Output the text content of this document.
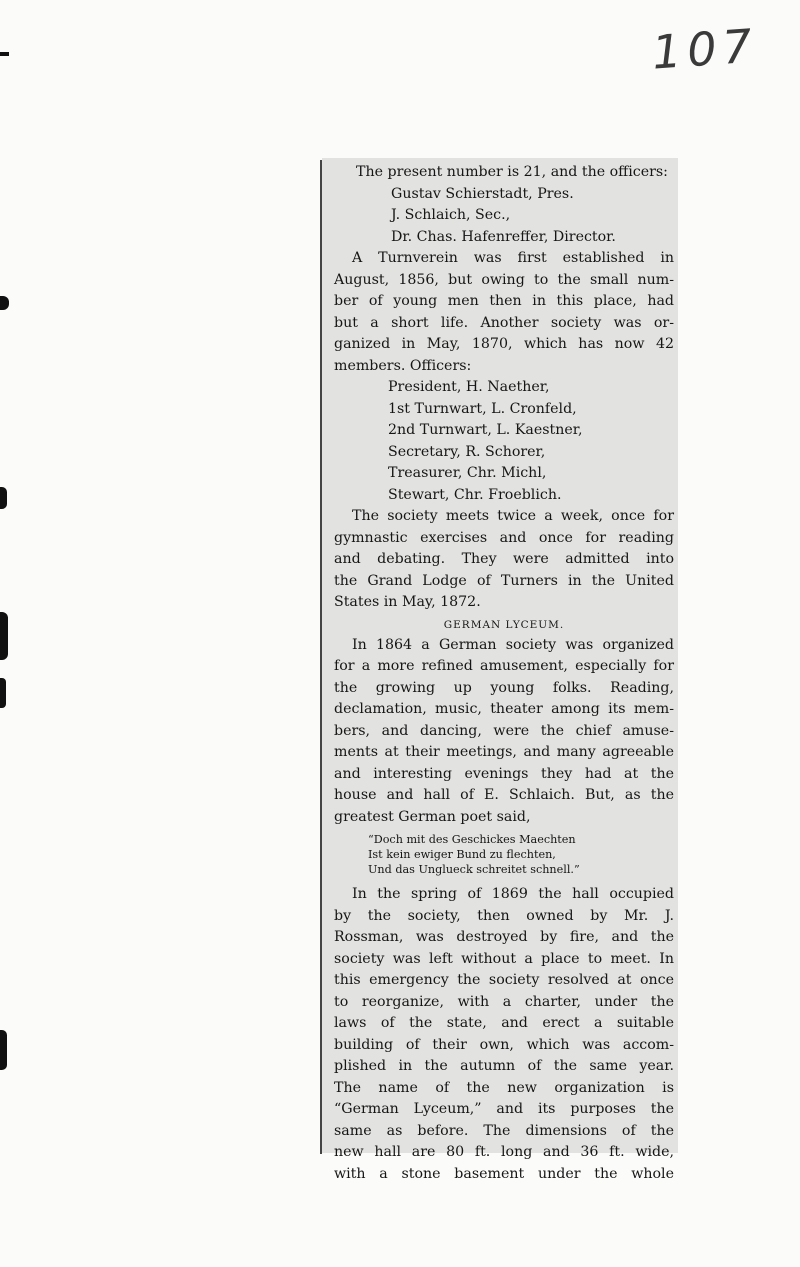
107
The present number is 21, and the officers:
Gustav Schierstadt, Pres.
J. Schlaich, Sec.,
Dr. Chas. Hafenreffer, Director.
A Turnverein was first established in
August, 1856, but owing to the small num-
ber of young men then in this place, had
but a short life. Another society was or-
ganized in May, 1870, which has now 42
members. Officers:
President, H. Naether,
1st Turnwart, L. Cronfeld,
2nd Turnwart, L. Kaestner,
Secretary, R. Schorer,
Treasurer, Chr. Michl,
Stewart, Chr. Froeblich.
The society meets twice a week, once for
gymnastic exercises and once for reading
and debating. They were admitted into
the Grand Lodge of Turners in the United
States in May, 1872.
GERMAN LYCEUM.
In 1864 a German society was organized
for a more refined amusement, especially for
the growing up young folks. Reading,
declamation, music, theater among its mem-
bers, and dancing, were the chief amuse-
ments at their meetings, and many agreeable
and interesting evenings they had at the
house and hall of E. Schlaich. But, as the
greatest German poet said,
“Doch mit des Geschickes Maechten
Ist kein ewiger Bund zu flechten,
Und das Unglueck schreitet schnell.”
In the spring of 1869 the hall occupied
by the society, then owned by Mr. J.
Rossman, was destroyed by fire, and the
society was left without a place to meet. In
this emergency the society resolved at once
to reorganize, with a charter, under the
laws of the state, and erect a suitable
building of their own, which was accom-
plished in the autumn of the same year.
The name of the new organization is
“German Lyceum,” and its purposes the
same as before. The dimensions of the
new hall are 80 ft. long and 36 ft. wide,
with a stone basement under the whole
